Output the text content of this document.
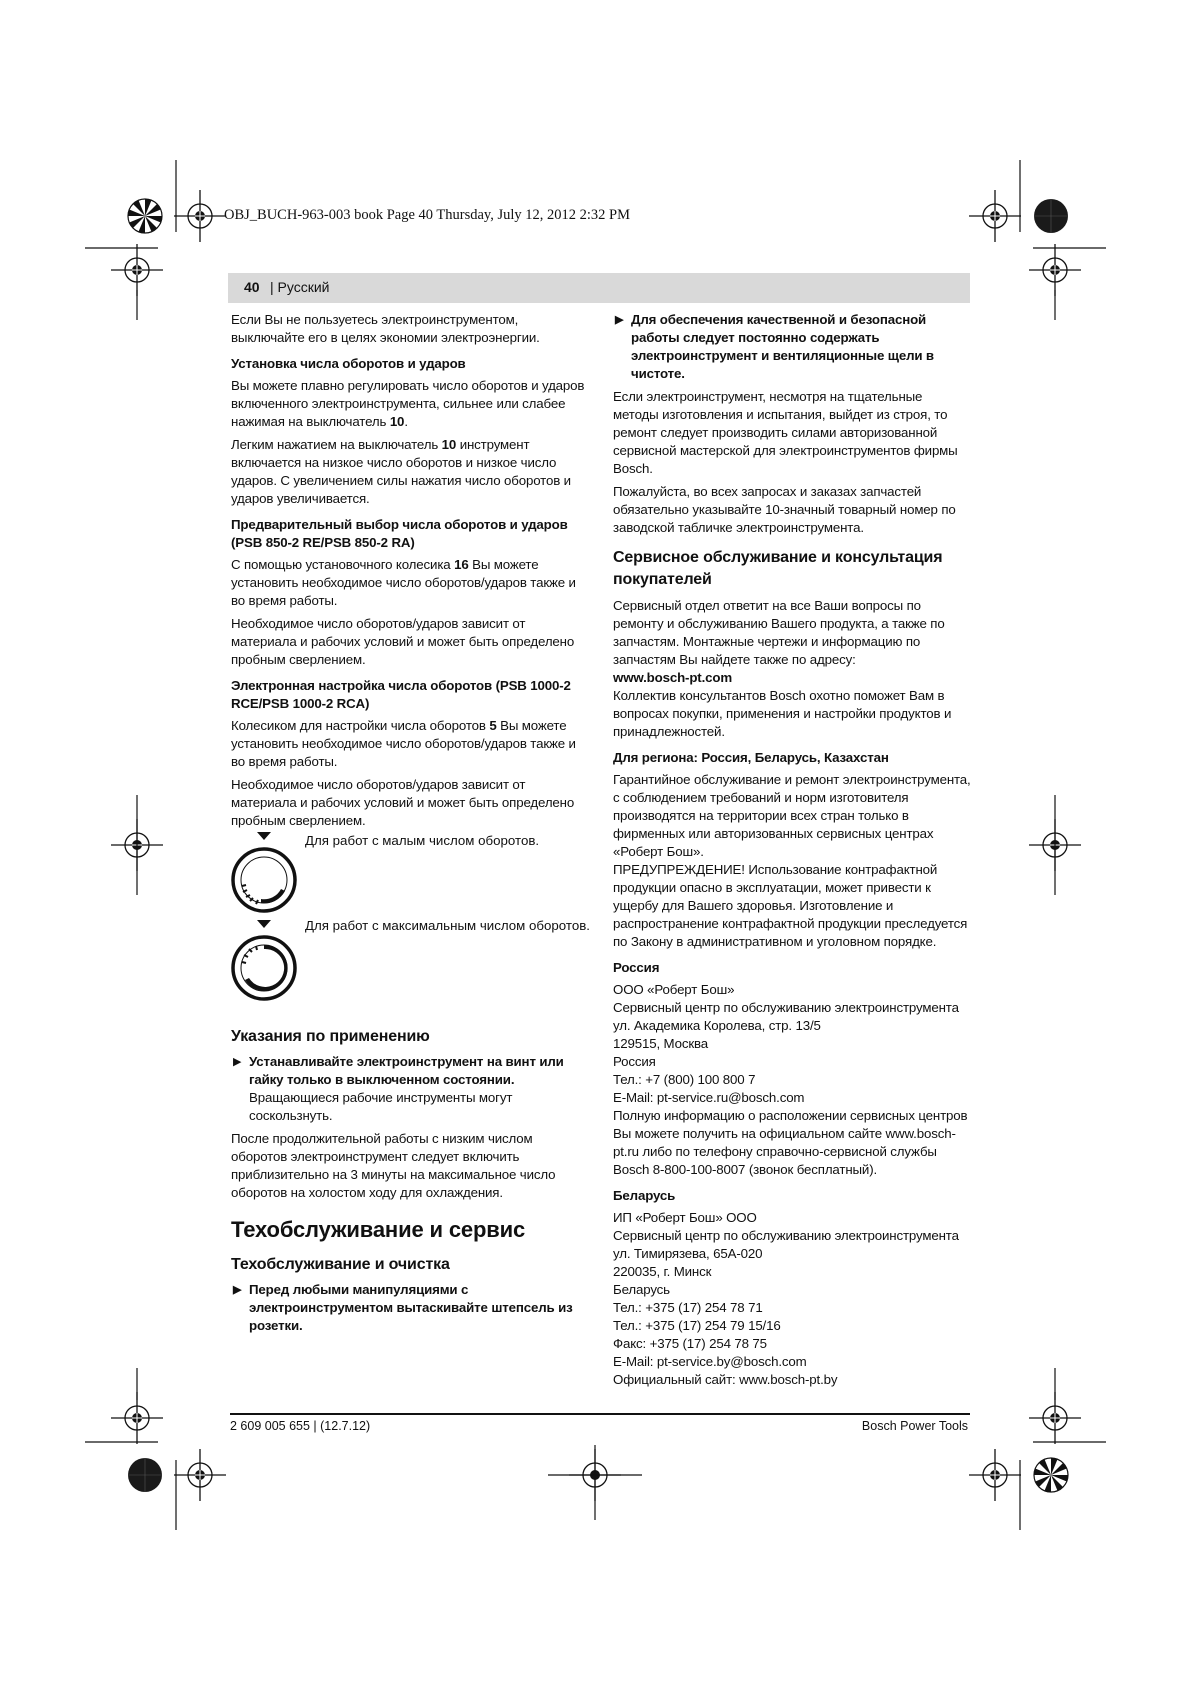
OBJ_BUCH-963-003 book Page 40 Thursday, July 12, 2012 2:32 PM
40 | Русский

Если Вы не пользуетесь электроинструментом, выключайте его в целях экономии электроэнергии.

Установка числа оборотов и ударов

Вы можете плавно регулировать число оборотов и ударов включенного электроинструмента, сильнее или слабее нажимая на выключатель 10.

Легким нажатием на выключатель 10 инструмент включается на низкое число оборотов и низкое число ударов. С увеличением силы нажатия число оборотов и ударов увеличивается.

Предварительный выбор числа оборотов и ударов (PSB 850-2 RE/PSB 850-2 RA)

С помощью установочного колесика 16 Вы можете установить необходимое число оборотов/ударов также и во время работы.

Необходимое число оборотов/ударов зависит от материала и рабочих условий и может быть определено пробным сверлением.

Электронная настройка числа оборотов (PSB 1000-2 RCE/PSB 1000-2 RCA)

Колесиком для настройки числа оборотов 5 Вы можете установить необходимое число оборотов/ударов также и во время работы.

Необходимое число оборотов/ударов зависит от материала и рабочих условий и может быть определено пробным сверлением.

Для работ с малым числом оборотов.
Для работ с максимальным числом оборотов.
Указания по применению
▶ Устанавливайте электроинструмент на винт или гайку только в выключенном состоянии. Вращающиеся рабочие инструменты могут соскользнуть.

После продолжительной работы с низким числом оборотов электроинструмент следует включить приблизительно на 3 минуты на максимальное число оборотов на холостом ходу для охлаждения.

Техобслуживание и сервис
Техобслуживание и очистка
▶ Перед любыми манипуляциями с электроинструментом вытаскивайте штепсель из розетки.
▶ Для обеспечения качественной и безопасной работы следует постоянно содержать электроинструмент и вентиляционные щели в чистоте.

Если электроинструмент, несмотря на тщательные методы изготовления и испытания, выйдет из строя, то ремонт следует производить силами авторизованной сервисной мастерской для электроинструментов фирмы Bosch.

Пожалуйста, во всех запросах и заказах запчастей обязательно указывайте 10-значный товарный номер по заводской табличке электроинструмента.

Сервисное обслуживание и консультация покупателей

Сервисный отдел ответит на все Ваши вопросы по ремонту и обслуживанию Вашего продукта, а также по запчастям. Монтажные чертежи и информацию по запчастям Вы найдете также по адресу:

www.bosch-pt.com

Коллектив консультантов Bosch охотно поможет Вам в вопросах покупки, применения и настройки продуктов и принадлежностей.

Для региона: Россия, Беларусь, Казахстан

Гарантийное обслуживание и ремонт электроинструмента, с соблюдением требований и норм изготовителя производятся на территории всех стран только в фирменных или авторизованных сервисных центрах «Роберт Бош».

ПРЕДУПРЕЖДЕНИЕ! Использование контрафактной продукции опасно в эксплуатации, может привести к ущербу для Вашего здоровья. Изготовление и распространение контрафактной продукции преследуется по Закону в административном и уголовном порядке.

Россия
ООО «Роберт Бош»
Сервисный центр по обслуживанию электроинструмента
ул. Академика Королева, стр. 13/5
129515, Москва
Россия
Тел.: +7 (800) 100 800 7
E-Mail: pt-service.ru@bosch.com
Полную информацию о расположении сервисных центров Вы можете получить на официальном сайте www.bosch-pt.ru либо по телефону справочно-сервисной службы Bosch 8-800-100-8007 (звонок бесплатный).
Беларусь
ИП «Роберт Бош» ООО
Сервисный центр по обслуживанию электроинструмента
ул. Тимирязева, 65А-020
220035, г. Минск
Беларусь
Тел.: +375 (17) 254 78 71
Тел.: +375 (17) 254 79 15/16
Факс: +375 (17) 254 78 75
E-Mail: pt-service.by@bosch.com
Официальный сайт: www.bosch-pt.by
2 609 005 655 | (12.7.12)	Bosch Power Tools
